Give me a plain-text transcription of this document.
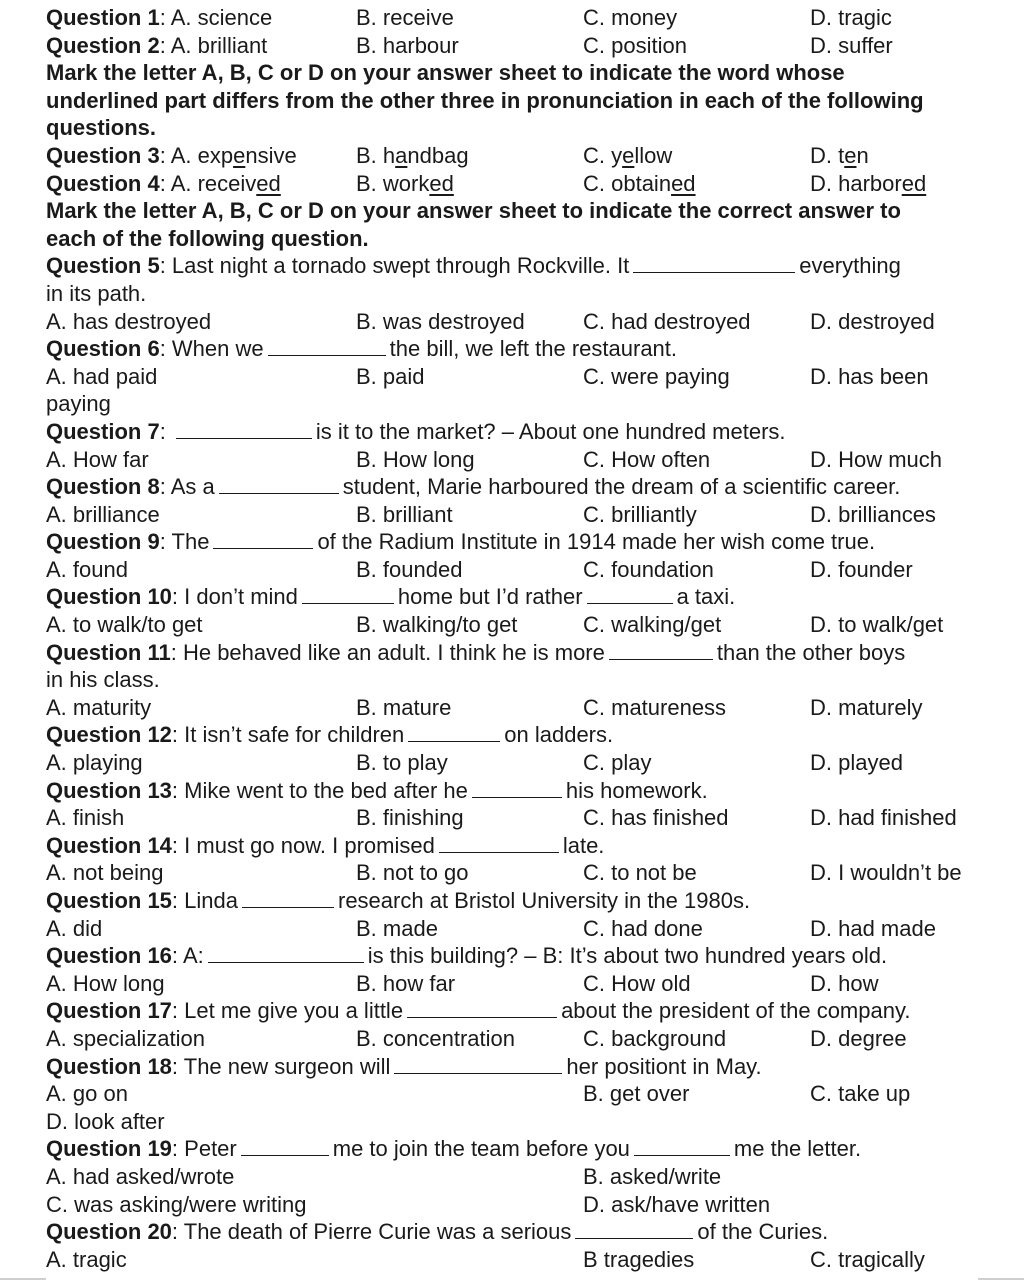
Question 1: A. science	B. receive	C. money	D. tragic
Question 2: A. brilliant	B. harbour	C. position	D. suffer
Mark the letter A, B, C or D on your answer sheet to indicate the word whose
underlined part differs from the other three in pronunciation in each of the following
questions.
Question 3: A. expensive	B. handbag	C. yellow	D. ten
Question 4: A. received	B. worked	C. obtained	D. harbored
Mark the letter A, B, C or D on your answer sheet to indicate the correct answer to
each of the following question.
Question 5: Last night a tornado swept through Rockville. It	everything
in its path.
A. has destroyed	B. was destroyed	C. had destroyed	D. destroyed
Question 6: When we	the bill, we left the restaurant.
A. had paid	B. paid	C. were paying	D. has been
paying
Question 7:	is it to the market? – About one hundred meters.
A. How far	B. How long	C. How often	D. How much
Question 8: As a	student, Marie harboured the dream of a scientific career.
A. brilliance	B. brilliant	C. brilliantly	D. brilliances
Question 9: The	of the Radium Institute in 1914 made her wish come true.
A. found	B. founded	C. foundation	D. founder
Question 10: I don’t mind	home but I’d rather	a taxi.
A. to walk/to get	B. walking/to get	C. walking/get	D. to walk/get
Question 11: He behaved like an adult. I think he is more	than the other boys
in his class.
A. maturity	B. mature	C. matureness	D. maturely
Question 12: It isn’t safe for children	on ladders.
A. playing	B. to play	C. play	D. played
Question 13: Mike went to the bed after he	his homework.
A. finish	B. finishing	C. has finished	D. had finished
Question 14: I must go now. I promised	late.
A. not being	B. not to go	C. to not be	D. I wouldn’t be
Question 15: Linda	research at Bristol University in the 1980s.
A. did	B. made	C. had done	D. had made
Question 16: A:	is this building? – B: It’s about two hundred years old.
A. How long	B. how far	C. How old	D. how
Question 17: Let me give you a little	about the president of the company.
A. specialization	B. concentration	C. background	D. degree
Question 18: The new surgeon will	her positiont in May.
A. go on	B. get over	C. take up
D. look after
Question 19: Peter	me to join the team before you	me the letter.
A. had asked/wrote	B. asked/write
C. was asking/were writing	D. ask/have written
Question 20: The death of Pierre Curie was a serious	of the Curies.
A. tragic	B tragedies	C. tragically
